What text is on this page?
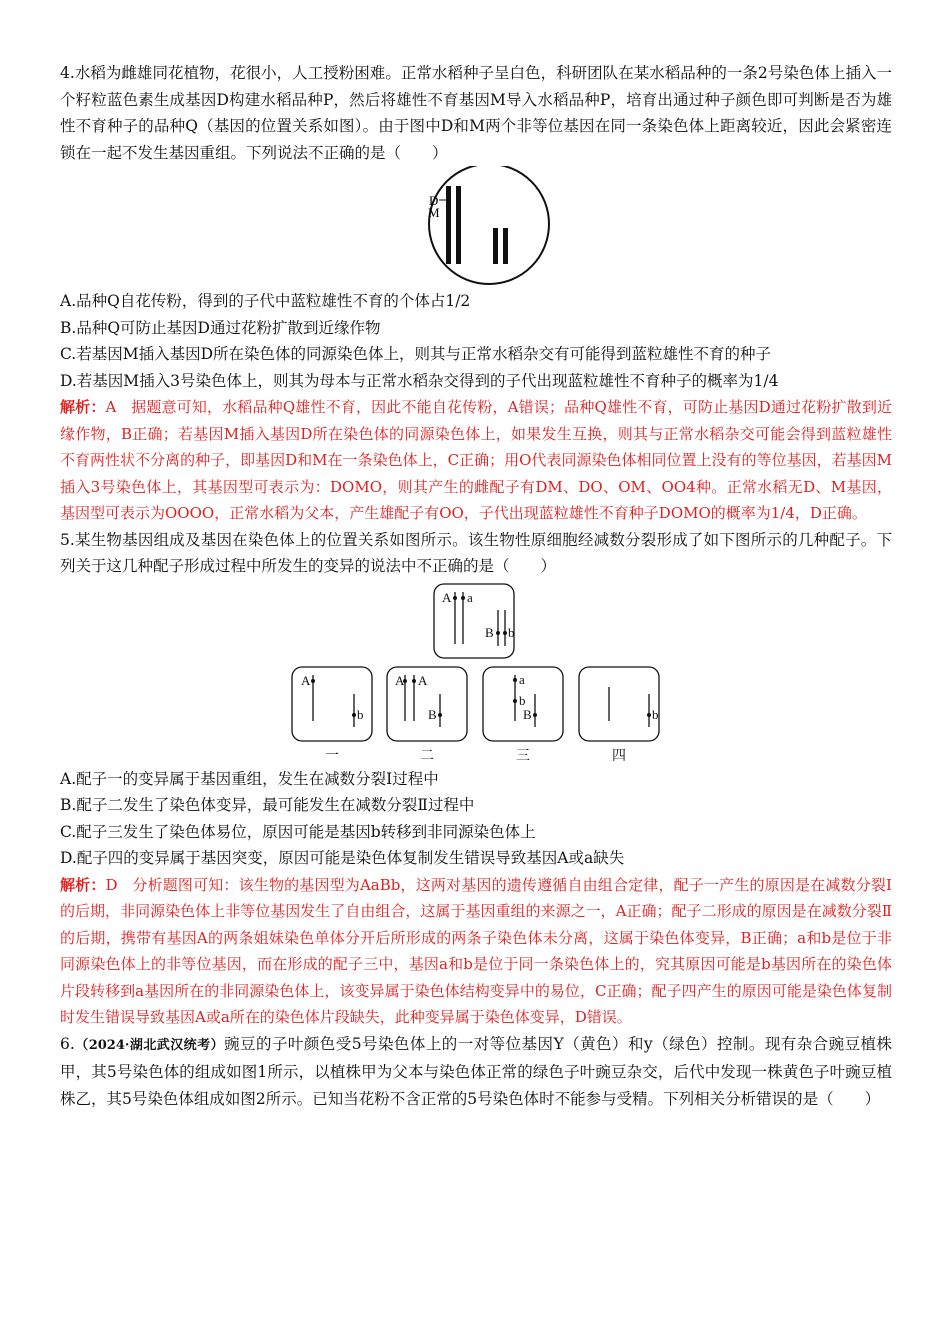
4.水稻为雌雄同花植物，花很小，人工授粉困难。正常水稻种子呈白色，科研团队在某水稻品种的一条2号染色体上插入一个籽粒蓝色素生成基因D构建水稻品种P，然后将雄性不育基因M导入水稻品种P，培育出通过种子颜色即可判断是否为雄性不育种子的品种Q（基因的位置关系如图）。由于图中D和M两个非等位基因在同一条染色体上距离较近，因此会紧密连锁在一起不发生基因重组。下列说法不正确的是（　　）

D
M

A.品种Q自花传粉，得到的子代中蓝粒雄性不育的个体占1/2

B.品种Q可防止基因D通过花粉扩散到近缘作物

C.若基因M插入基因D所在染色体的同源染色体上，则其与正常水稻杂交有可能得到蓝粒雄性不育的种子

D.若基因M插入3号染色体上，则其为母本与正常水稻杂交得到的子代出现蓝粒雄性不育种子的概率为1/4

解析：A 据题意可知，水稻品种Q雄性不育，因此不能自花传粉，A错误；品种Q雄性不育，可防止基因D通过花粉扩散到近缘作物，B正确；若基因M插入基因D所在染色体的同源染色体上，如果发生互换，则其与正常水稻杂交可能会得到蓝粒雄性不育两性状不分离的种子，即基因D和M在一条染色体上，C正确；用O代表同源染色体相同位置上没有的等位基因，若基因M插入3号染色体上，其基因型可表示为：DOMO，则其产生的雌配子有DM、DO、OM、OO4种。正常水稻无D、M基因，基因型可表示为OOOO，正常水稻为父本，产生雄配子有OO，子代出现蓝粒雄性不育种子DOMO的概率为1/4，D正确。

5.某生物基因组成及基因在染色体上的位置关系如图所示。该生物性原细胞经减数分裂形成了如下图所示的几种配子。下列关于这几种配子形成过程中所发生的变异的说法中不正确的是（　　）

A a
B b
A
b
A A
B
a
b
B	b
一	二	三	四

A.配子一的变异属于基因重组，发生在减数分裂Ⅰ过程中

B.配子二发生了染色体变异，最可能发生在减数分裂Ⅱ过程中

C.配子三发生了染色体易位，原因可能是基因b转移到非同源染色体上

D.配子四的变异属于基因突变，原因可能是染色体复制发生错误导致基因A或a缺失

解析：D 分析题图可知：该生物的基因型为AaBb，这两对基因的遗传遵循自由组合定律，配子一产生的原因是在减数分裂Ⅰ的后期，非同源染色体上非等位基因发生了自由组合，这属于基因重组的来源之一，A正确；配子二形成的原因是在减数分裂Ⅱ的后期，携带有基因A的两条姐妹染色单体分开后所形成的两条子染色体未分离，这属于染色体变异，B正确；a和b是位于非同源染色体上的非等位基因，而在形成的配子三中，基因a和b是位于同一条染色体上的，究其原因可能是b基因所在的染色体片段转移到a基因所在的非同源染色体上，该变异属于染色体结构变异中的易位，C正确；配子四产生的原因可能是染色体复制时发生错误导致基因A或a所在的染色体片段缺失，此种变异属于染色体变异，D错误。

6.（2024·湖北武汉统考）豌豆的子叶颜色受5号染色体上的一对等位基因Y（黄色）和y（绿色）控制。现有杂合豌豆植株甲，其5号染色体的组成如图1所示，以植株甲为父本与染色体正常的绿色子叶豌豆杂交，后代中发现一株黄色子叶豌豆植株乙，其5号染色体组成如图2所示。已知当花粉不含正常的5号染色体时不能参与受精。下列相关分析错误的是（　　）
